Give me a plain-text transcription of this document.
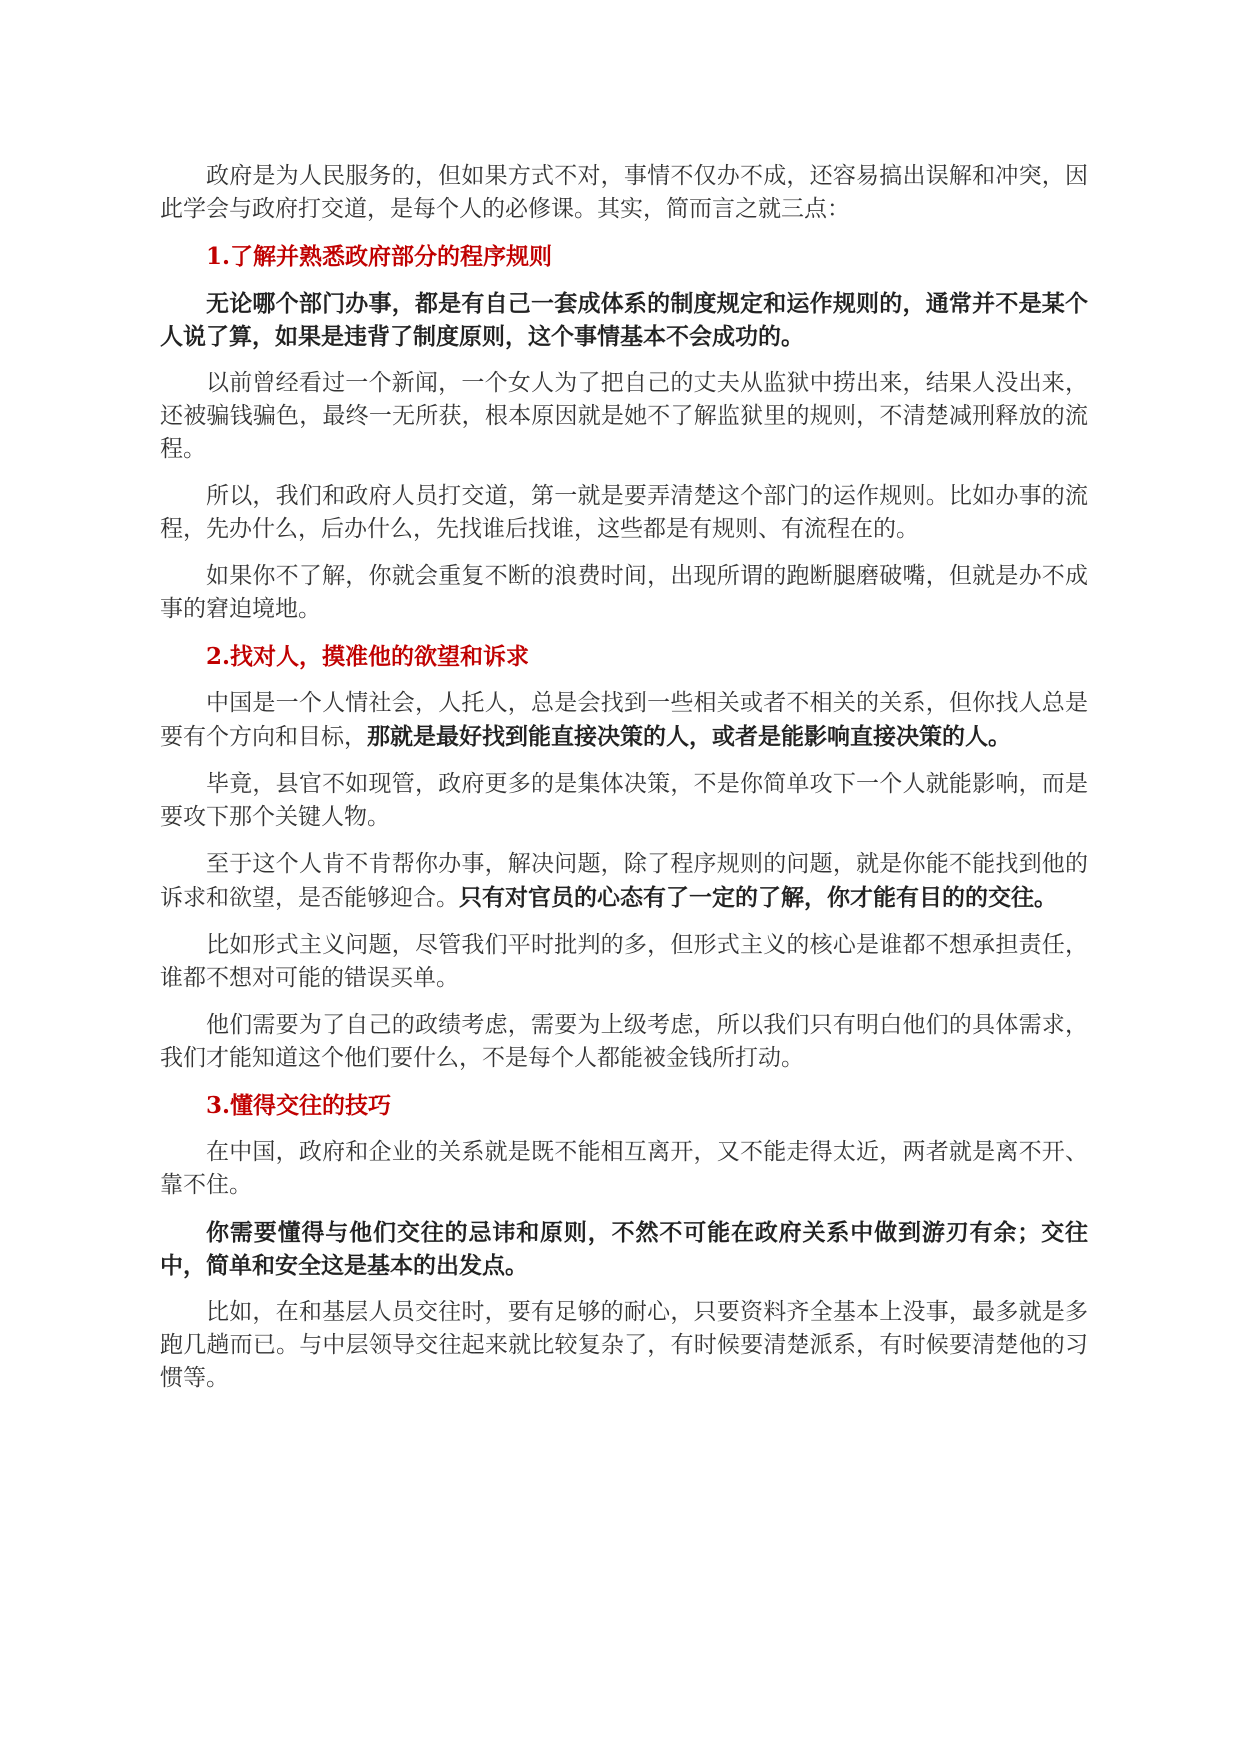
政府是为人民服务的，但如果方式不对，事情不仅办不成，还容易搞出误解和冲突，因此学会与政府打交道，是每个人的必修课。其实，简而言之就三点：

1.了解并熟悉政府部分的程序规则

无论哪个部门办事，都是有自己一套成体系的制度规定和运作规则的，通常并不是某个人说了算，如果是违背了制度原则，这个事情基本不会成功的。

以前曾经看过一个新闻，一个女人为了把自己的丈夫从监狱中捞出来，结果人没出来，还被骗钱骗色，最终一无所获，根本原因就是她不了解监狱里的规则，不清楚减刑释放的流程。

所以，我们和政府人员打交道，第一就是要弄清楚这个部门的运作规则。比如办事的流程，先办什么，后办什么，先找谁后找谁，这些都是有规则、有流程在的。

如果你不了解，你就会重复不断的浪费时间，出现所谓的跑断腿磨破嘴，但就是办不成事的窘迫境地。

2.找对人，摸准他的欲望和诉求

中国是一个人情社会，人托人，总是会找到一些相关或者不相关的关系，但你找人总是要有个方向和目标，那就是最好找到能直接决策的人，或者是能影响直接决策的人。

毕竟，县官不如现管，政府更多的是集体决策，不是你简单攻下一个人就能影响，而是要攻下那个关键人物。

至于这个人肯不肯帮你办事，解决问题，除了程序规则的问题，就是你能不能找到他的诉求和欲望，是否能够迎合。只有对官员的心态有了一定的了解，你才能有目的的交往。

比如形式主义问题，尽管我们平时批判的多，但形式主义的核心是谁都不想承担责任，谁都不想对可能的错误买单。

他们需要为了自己的政绩考虑，需要为上级考虑，所以我们只有明白他们的具体需求，我们才能知道这个他们要什么，不是每个人都能被金钱所打动。

3.懂得交往的技巧

在中国，政府和企业的关系就是既不能相互离开，又不能走得太近，两者就是离不开、靠不住。

你需要懂得与他们交往的忌讳和原则，不然不可能在政府关系中做到游刃有余；交往中，简单和安全这是基本的出发点。

比如，在和基层人员交往时，要有足够的耐心，只要资料齐全基本上没事，最多就是多跑几趟而已。与中层领导交往起来就比较复杂了，有时候要清楚派系，有时候要清楚他的习惯等。
